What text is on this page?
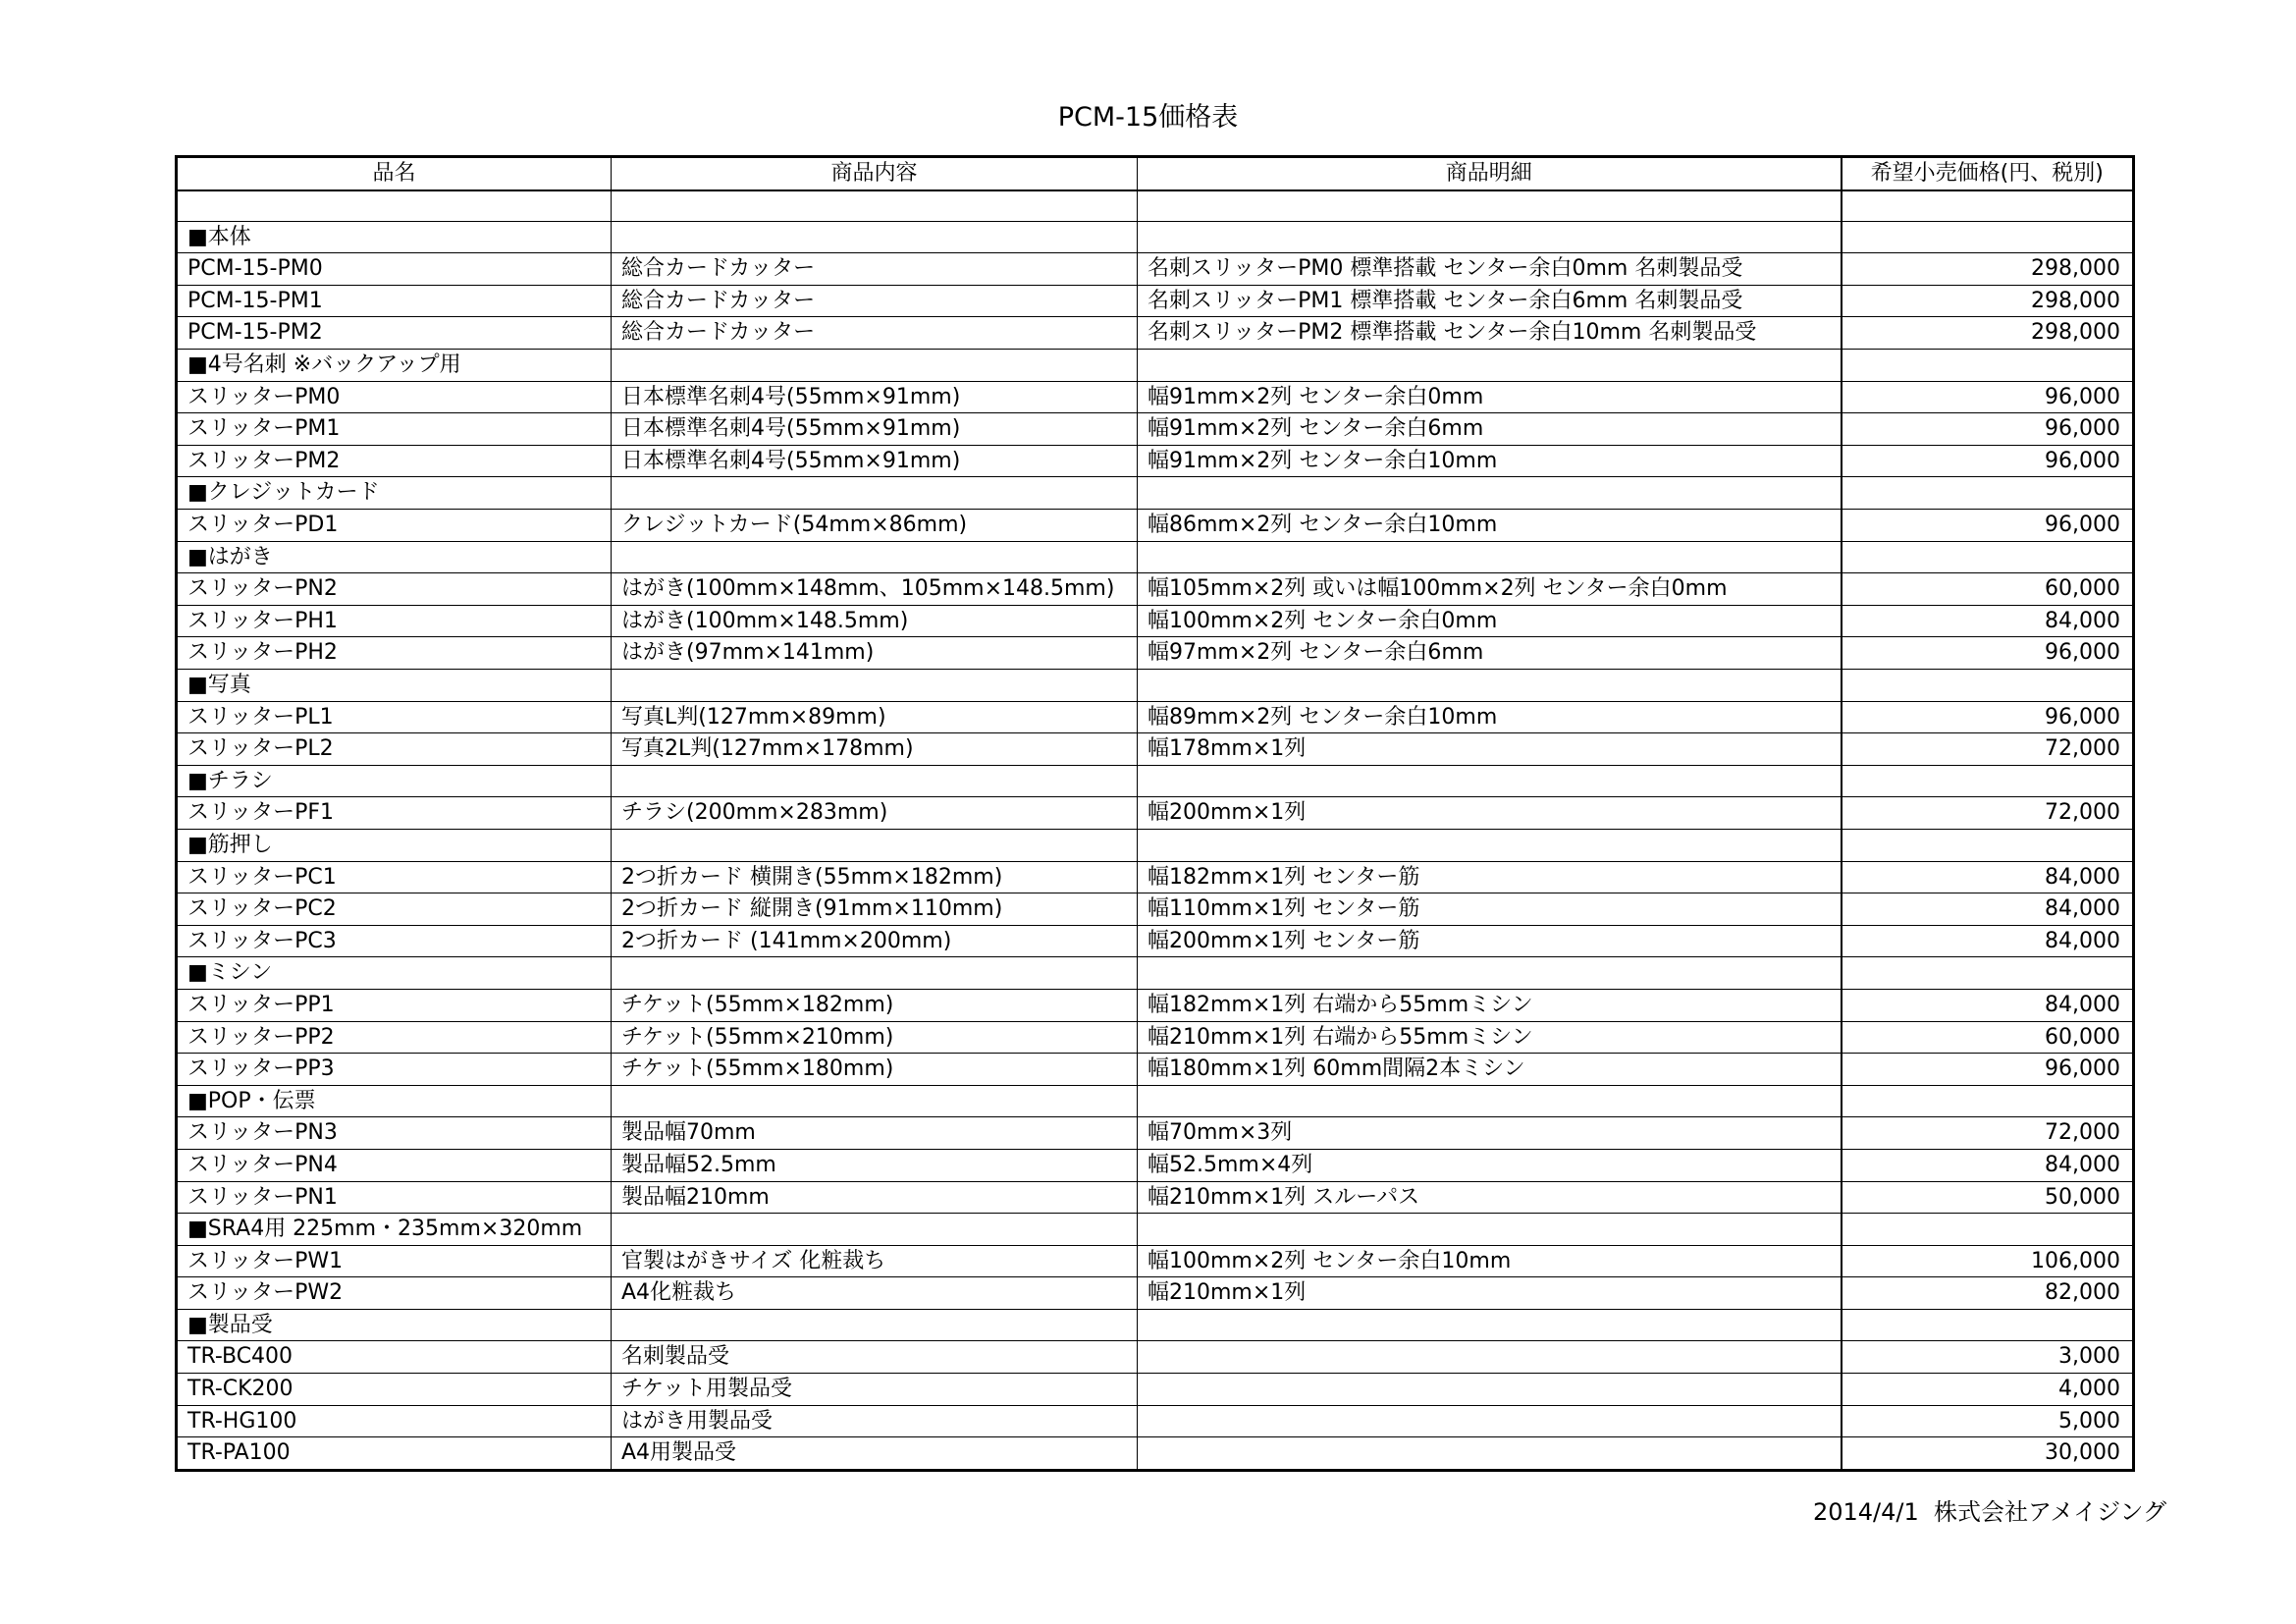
PCM-15価格表
品名	商品内容	商品明細	希望小売価格(円、税別)

■本体			
PCM-15-PM0	総合カードカッター	名刺スリッターPM0 標準搭載 センター余白0mm 名刺製品受	298,000
PCM-15-PM1	総合カードカッター	名刺スリッターPM1 標準搭載 センター余白6mm 名刺製品受	298,000
PCM-15-PM2	総合カードカッター	名刺スリッターPM2 標準搭載 センター余白10mm 名刺製品受	298,000
■4号名刺 ※バックアップ用			
スリッターPM0	日本標準名刺4号(55mm×91mm)	幅91mm×2列 センター余白0mm	96,000
スリッターPM1	日本標準名刺4号(55mm×91mm)	幅91mm×2列 センター余白6mm	96,000
スリッターPM2	日本標準名刺4号(55mm×91mm)	幅91mm×2列 センター余白10mm	96,000
■クレジットカード			
スリッターPD1	クレジットカード(54mm×86mm)	幅86mm×2列 センター余白10mm	96,000
■はがき			
スリッターPN2	はがき(100mm×148mm、105mm×148.5mm)	幅105mm×2列 或いは幅100mm×2列 センター余白0mm	60,000
スリッターPH1	はがき(100mm×148.5mm)	幅100mm×2列 センター余白0mm	84,000
スリッターPH2	はがき(97mm×141mm)	幅97mm×2列 センター余白6mm	96,000
■写真			
スリッターPL1	写真L判(127mm×89mm)	幅89mm×2列 センター余白10mm	96,000
スリッターPL2	写真2L判(127mm×178mm)	幅178mm×1列	72,000
■チラシ			
スリッターPF1	チラシ(200mm×283mm)	幅200mm×1列	72,000
■筋押し			
スリッターPC1	2つ折カード 横開き(55mm×182mm)	幅182mm×1列 センター筋	84,000
スリッターPC2	2つ折カード 縦開き(91mm×110mm)	幅110mm×1列 センター筋	84,000
スリッターPC3	2つ折カード (141mm×200mm)	幅200mm×1列 センター筋	84,000
■ミシン			
スリッターPP1	チケット(55mm×182mm)	幅182mm×1列 右端から55mmミシン	84,000
スリッターPP2	チケット(55mm×210mm)	幅210mm×1列 右端から55mmミシン	60,000
スリッターPP3	チケット(55mm×180mm)	幅180mm×1列 60mm間隔2本ミシン	96,000
■POP・伝票			
スリッターPN3	製品幅70mm	幅70mm×3列	72,000
スリッターPN4	製品幅52.5mm	幅52.5mm×4列	84,000
スリッターPN1	製品幅210mm	幅210mm×1列 スルーパス	50,000
■SRA4用 225mm・235mm×320mm			
スリッターPW1	官製はがきサイズ 化粧裁ち	幅100mm×2列 センター余白10mm	106,000
スリッターPW2	A4化粧裁ち	幅210mm×1列	82,000
■製品受			
TR-BC400	名刺製品受		3,000
TR-CK200	チケット用製品受		4,000
TR-HG100	はがき用製品受		5,000
TR-PA100	A4用製品受		30,000
2014/4/1 株式会社アメイジング
